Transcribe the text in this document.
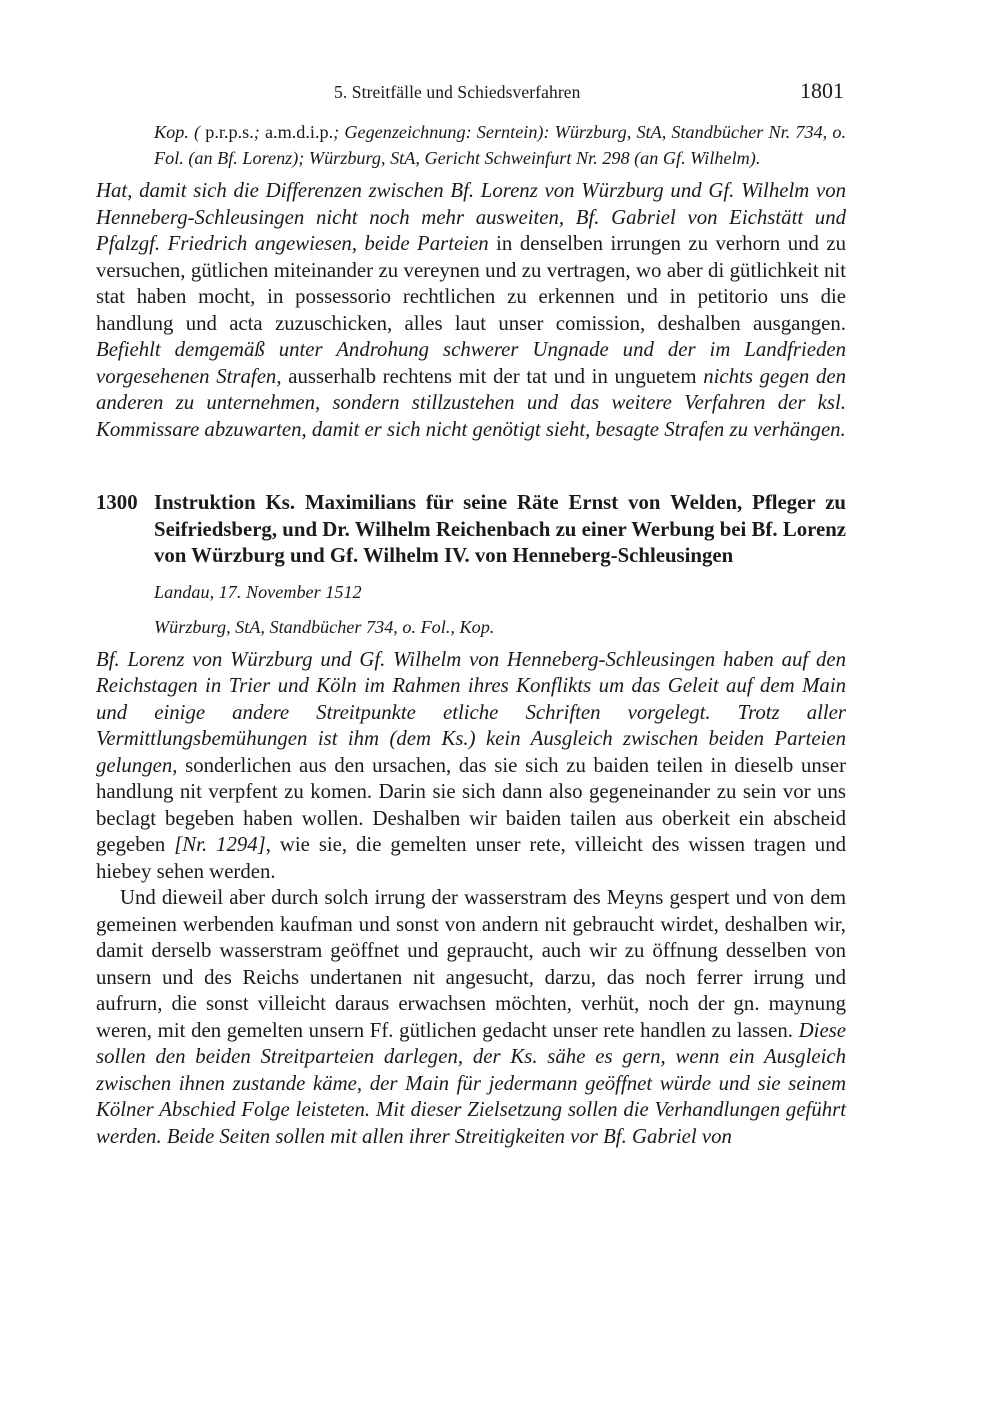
5. Streitfälle und Schiedsverfahren	1801
Kop. ( p.r.p.s.; a.m.d.i.p.; Gegenzeichnung: Serntein): Würzburg, StA, Standbücher Nr. 734, o. Fol. (an Bf. Lorenz); Würzburg, StA, Gericht Schweinfurt Nr. 298 (an Gf. Wilhelm).

Hat, damit sich die Differenzen zwischen Bf. Lorenz von Würzburg und Gf. Wilhelm von Henneberg-Schleusingen nicht noch mehr ausweiten, Bf. Gabriel von Eichstätt und Pfalzgf. Friedrich angewiesen, beide Parteien in denselben irrungen zu verhorn und zu versuchen, gütlichen miteinander zu vereynen und zu vertragen, wo aber di gütlichkeit nit stat haben mocht, in possessorio rechtlichen zu erkennen und in petitorio uns die handlung und acta zuzuschicken, alles laut unser comission, deshalben ausgangen. Befiehlt demgemäß unter Androhung schwerer Ungnade und der im Landfrieden vorgesehenen Strafen, ausserhalb rechtens mit der tat und in unguetem nichts gegen den anderen zu unternehmen, sondern stillzustehen und das weitere Verfahren der ksl. Kommissare abzuwarten, damit er sich nicht genötigt sieht, besagte Strafen zu verhängen.

1300 Instruktion Ks. Maximilians für seine Räte Ernst von Welden, Pfleger zu Seifriedsberg, und Dr. Wilhelm Reichenbach zu einer Werbung bei Bf. Lorenz von Würzburg und Gf. Wilhelm IV. von Henneberg-Schleusingen
Landau, 17. November 1512
Würzburg, StA, Standbücher 734, o. Fol., Kop.

Bf. Lorenz von Würzburg und Gf. Wilhelm von Henneberg-Schleusingen haben auf den Reichstagen in Trier und Köln im Rahmen ihres Konflikts um das Geleit auf dem Main und einige andere Streitpunkte etliche Schriften vorgelegt. Trotz aller Vermittlungsbemühungen ist ihm (dem Ks.) kein Ausgleich zwischen beiden Parteien gelungen, sonderlichen aus den ursachen, das sie sich zu baiden teilen in dieselb unser handlung nit verpfent zu komen. Darin sie sich dann also gegeneinander zu sein vor uns beclagt begeben haben wollen. Deshalben wir baiden tailen aus oberkeit ein abscheid gegeben [Nr. 1294], wie sie, die gemelten unser rete, villeicht des wissen tragen und hiebey sehen werden.

Und dieweil aber durch solch irrung der wasserstram des Meyns gespert und von dem gemeinen werbenden kaufman und sonst von andern nit gebraucht wirdet, deshalben wir, damit derselb wasserstram geöffnet und gepraucht, auch wir zu öffnung desselben von unsern und des Reichs undertanen nit angesucht, darzu, das noch ferrer irrung und aufrurn, die sonst villeicht daraus erwachsen möchten, verhüt, noch der gn. maynung weren, mit den gemelten unsern Ff. gütlichen gedacht unser rete handlen zu lassen. Diese sollen den beiden Streitparteien darlegen, der Ks. sähe es gern, wenn ein Ausgleich zwischen ihnen zustande käme, der Main für jedermann geöffnet würde und sie seinem Kölner Abschied Folge leisteten. Mit dieser Zielsetzung sollen die Verhandlungen geführt werden. Beide Seiten sollen mit allen ihrer Streitigkeiten vor Bf. Gabriel von
